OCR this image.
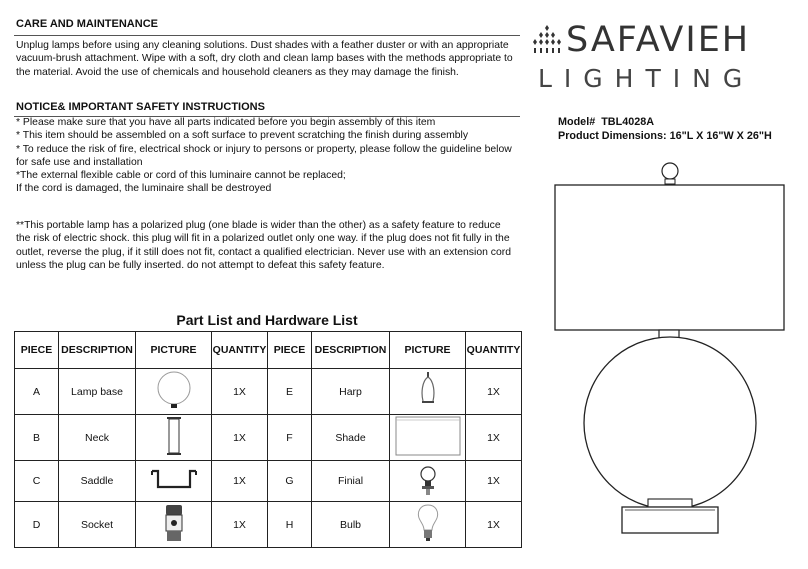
CARE AND MAINTENANCE
Unplug lamps before using any cleaning solutions. Dust shades with a feather duster or with an appropriate
vacuum-brush attachment. Wipe with a soft, dry cloth and clean lamp bases with the methods appropriate to
the material. Avoid the use of chemicals and household cleaners as they may damage the finish.
NOTICE& IMPORTANT SAFETY INSTRUCTIONS
* Please make sure that you have all parts indicated before you begin assembly of this item
* This item should be assembled on a soft surface to prevent scratching the finish during assembly
* To reduce the risk of fire, electrical shock or injury to persons or property, please follow the guideline below
for safe use and installation
*The external flexible cable or cord of this luminaire cannot be replaced;
If the cord is damaged, the luminaire shall be destroyed
**This portable lamp has a polarized plug (one blade is wider than the other) as a safety feature to reduce
the risk of electric shock. this plug will fit in a polarized outlet only one way. if the plug does not fit fully in the
outlet, reverse the plug, if it still does not fit, contact a qualified electrician. Never use with an extension cord
unless the plug can be fully inserted. do not attempt to defeat this safety feature.
Part List and Hardware List
PIECE	DESCRIPTION	PICTURE	QUANTITY	PIECE	DESCRIPTION	PICTURE	QUANTITY
A	Lamp base		1X	E	Harp		1X
B	Neck		1X	F	Shade		1X
C	Saddle		1X	G	Finial		1X
D	Socket		1X	H	Bulb		1X
SAFAVIEH
LIGHTING
Model# TBL4028A
Product Dimensions: 16"L X 16"W X 26"H
